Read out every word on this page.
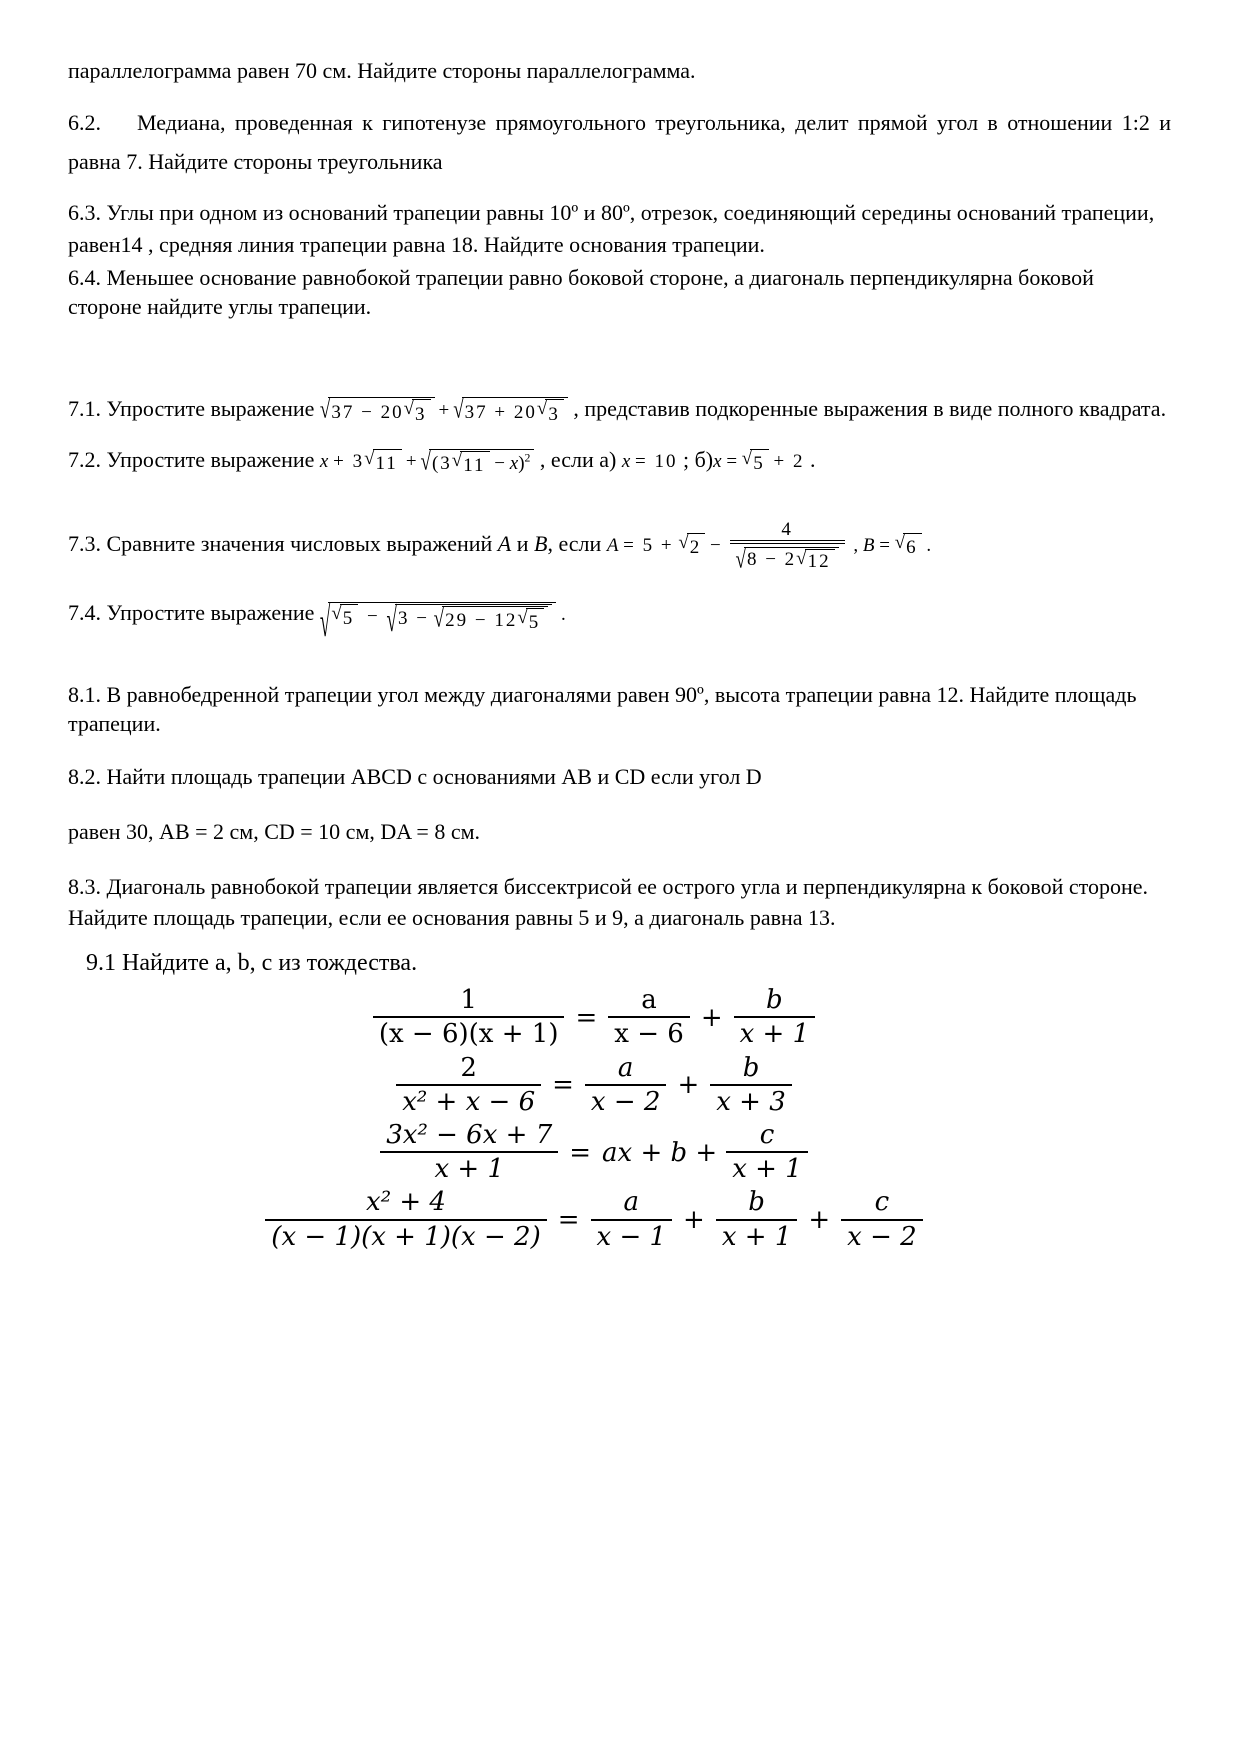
параллелограмма равен 70 см. Найдите стороны параллелограмма.

6.2. Медиана, проведенная к гипотенузе прямоугольного треугольника, делит прямой угол в отношении 1:2 и равна 7. Найдите стороны треугольника

6.3. Углы при одном из оснований трапеции равны 10º и 80º, отрезок, соединяющий середины оснований трапеции, равен14 , средняя линия трапеции равна 18. Найдите основания трапеции.

6.4. Меньшее основание равнобокой трапеции равно боковой стороне, а диагональ перпендикулярна боковой стороне найдите углы трапеции.

7.1. Упростите выражение √37 − 20√3 + √37 + 20√3 , представив подкоренные выражения в виде полного квадрата.

7.2. Упростите выражение $x + 3√11 + √(3√11 - x)^2$ , если а) x = 10 ; б)x = √5 + 2 .

7.3. Сравните значения числовых выражений A и B, если $A = 5 + √2 - \frac{4}{√8 - 2√12}$ , B = √6 .

7.4. Упростите выражение √√5 − √3 − √29 − 12√5 .

8.1. В равнобедренной трапеции угол между диагоналями равен 90º, высота трапеции равна 12. Найдите площадь трапеции.

8.2. Найти площадь трапеции ABCD с основаниями AB и CD если угол D

равен 30, AB = 2 см, CD = 10 см, DA = 8 см.

8.3. Диагональ равнобокой трапеции является биссектрисой ее острого угла и перпендикулярна к боковой стороне. Найдите площадь трапеции, если ее основания равны 5 и 9, а диагональ равна 13.

9.1 Найдите a, b, c из тождества.

$\frac{1}{(x - 6)(x + 1)} = \frac{a}{x - 6} + \frac{b}{x + 1}$
$\frac{2}{\text{x² + x − 6}} = \frac{a}{x - 2} + \frac{b}{x + 3}$
$\frac{\text{3x² − 6x + 7}}{x + 1}$ = ax + $b + \frac{c}{x + 1}$
$\frac{\text{x² + 4}}{(x - 1)(x + 1)(x - 2)} = \frac{a}{x - 1} + \frac{b}{x + 1} + \frac{c}{x - 2}$
